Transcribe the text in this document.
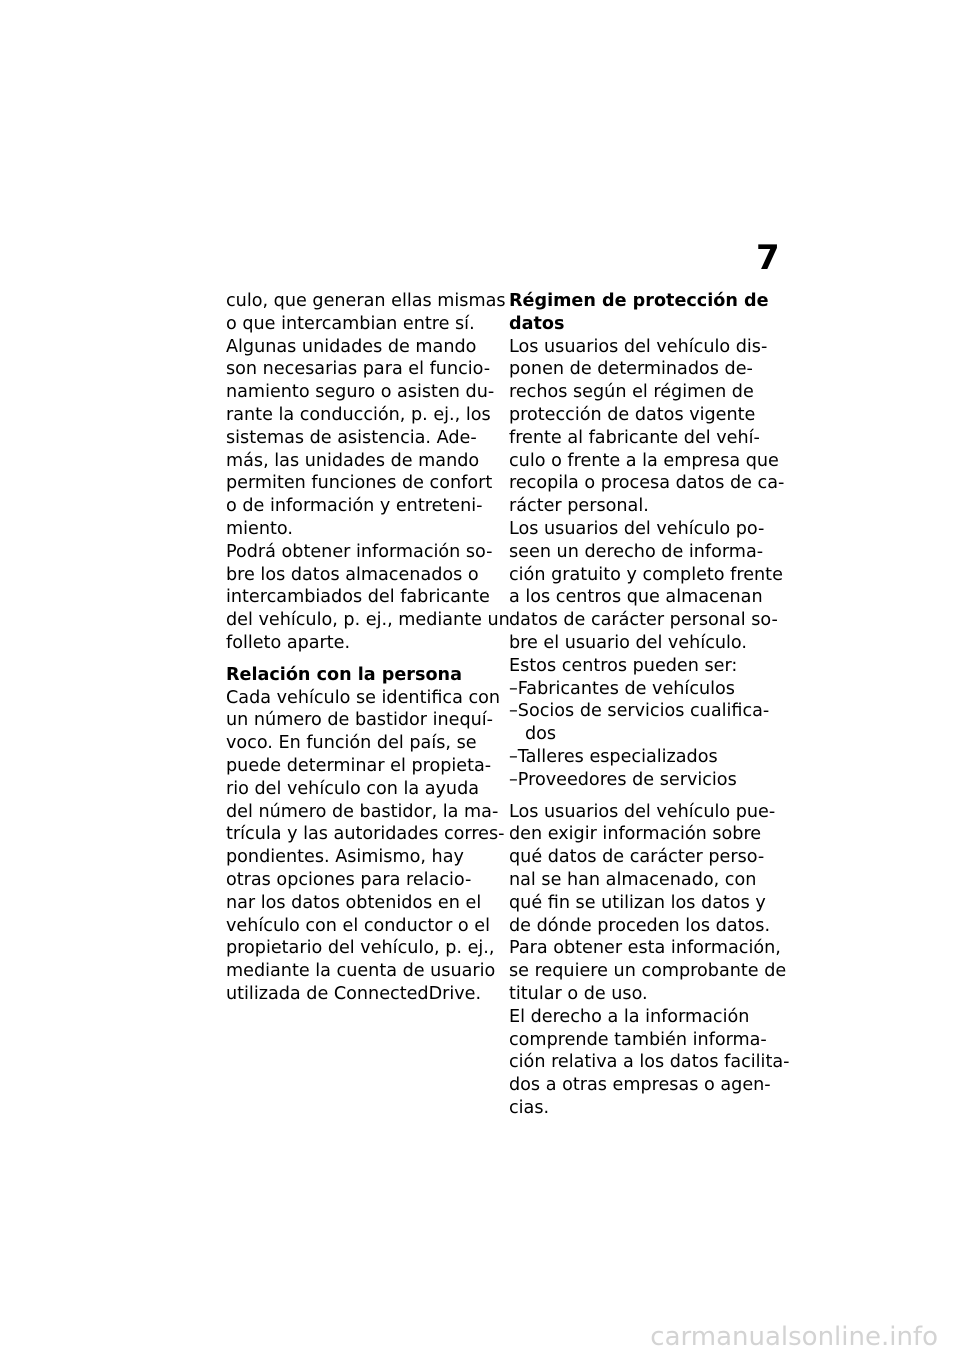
7
culo, que generan ellas mismas
o que intercambian entre sí.
Algunas unidades de mando
son necesarias para el funcio-
namiento seguro o asisten du-
rante la conducción, p. ej., los
sistemas de asistencia. Ade-
más, las unidades de mando
permiten funciones de confort
o de información y entreteni-
miento.
Podrá obtener información so-
bre los datos almacenados o
intercambiados del fabricante
del vehículo, p. ej., mediante un
folleto aparte.
Relación con la persona
Cada vehículo se identifica con
un número de bastidor inequí-
voco. En función del país, se
puede determinar el propieta-
rio del vehículo con la ayuda
del número de bastidor, la ma-
trícula y las autoridades corres-
pondientes. Asimismo, hay
otras opciones para relacio-
nar los datos obtenidos en el
vehículo con el conductor o el
propietario del vehículo, p. ej.,
mediante la cuenta de usuario
utilizada de ConnectedDrive.
Régimen de protección de
datos
Los usuarios del vehículo dis-
ponen de determinados de-
rechos según el régimen de
protección de datos vigente
frente al fabricante del vehí-
culo o frente a la empresa que
recopila o procesa datos de ca-
rácter personal.
Los usuarios del vehículo po-
seen un derecho de informa-
ción gratuito y completo frente
a los centros que almacenan
datos de carácter personal so-
bre el usuario del vehículo.
Estos centros pueden ser:
–Fabricantes de vehículos
–Socios de servicios cualifica-
dos
–Talleres especializados
–Proveedores de servicios
Los usuarios del vehículo pue-
den exigir información sobre
qué datos de carácter perso-
nal se han almacenado, con
qué fin se utilizan los datos y
de dónde proceden los datos.
Para obtener esta información,
se requiere un comprobante de
titular o de uso.
El derecho a la información
comprende también informa-
ción relativa a los datos facilita-
dos a otras empresas o agen-
cias.
carmanualsonline.info
